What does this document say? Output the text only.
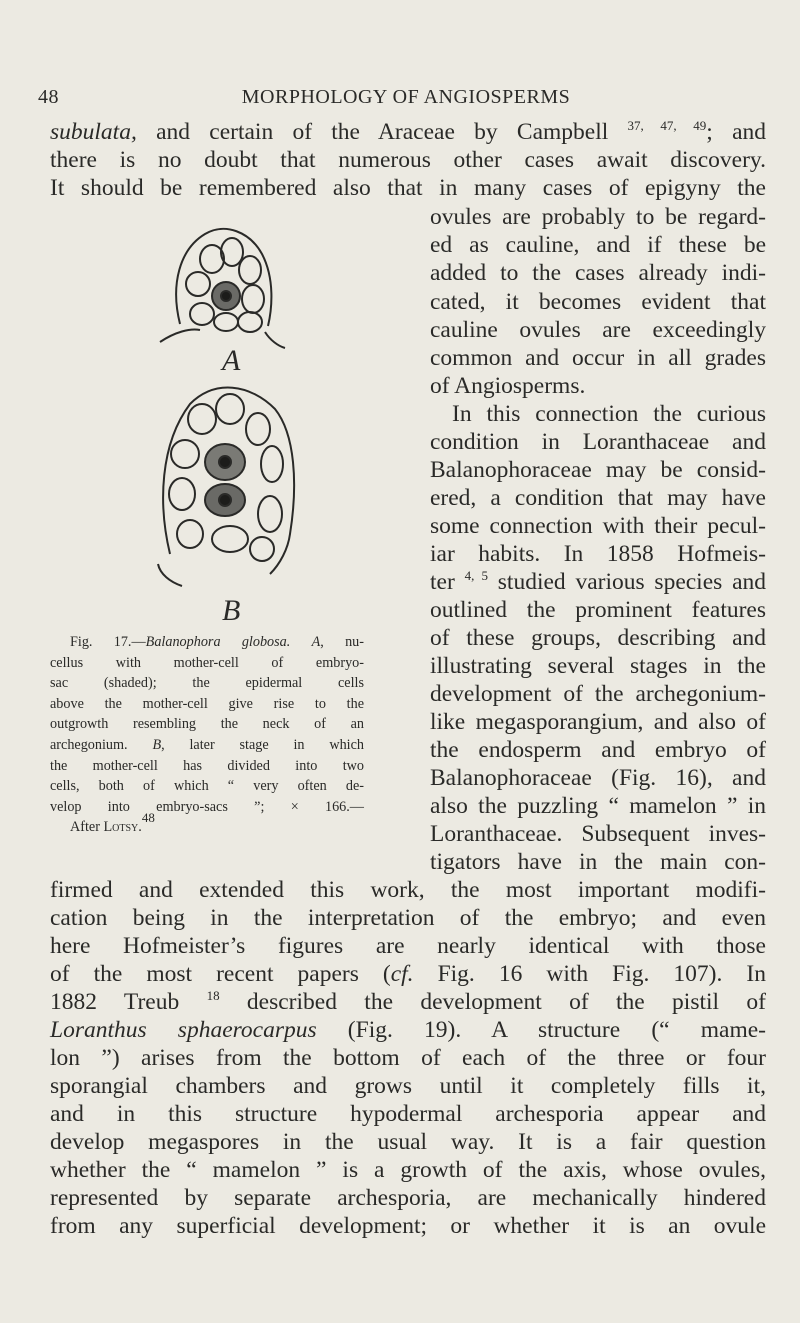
48	MORPHOLOGY OF ANGIOSPERMS
subulata, and certain of the Araceae by Campbell $^{37, 47, 49}$; and
there is no doubt that numerous other cases await discovery.
It should be remembered also that in many cases of epigyny the
ovules are probably to be regard-
ed as cauline, and if these be
added to the cases already indi-
cated, it becomes evident that
cauline ovules are exceedingly
common and occur in all grades
of Angiosperms.
In this connection the curious
condition in Loranthaceae and
Balanophoraceae may be consid-
ered, a condition that may have
some connection with their pecul-
iar habits. In 1858 Hofmeis-
ter $^{4, 5}$ studied various species and
outlined the prominent features
of these groups, describing and
illustrating several stages in the
development of the archegonium-
like megasporangium, and also of
the endosperm and embryo of
Balanophoraceae (Fig. 16), and
also the puzzling “ mamelon ” in
Loranthaceae. Subsequent inves-
tigators have in the main con-
firmed and extended this work, the most important modifi-
cation being in the interpretation of the embryo; and even
here Hofmeister’s figures are nearly identical with those
of the most recent papers (cf. Fig. 16 with Fig. 107). In
1882 Treub $^{18}$ described the development of the pistil of
Loranthus sphaerocarpus (Fig. 19). A structure (“ mame-
lon ”) arises from the bottom of each of the three or four
sporangial chambers and grows until it completely fills it,
and in this structure hypodermal archesporia appear and
develop megaspores in the usual way. It is a fair question
whether the “ mamelon ” is a growth of the axis, whose ovules,
represented by separate archesporia, are mechanically hindered
from any superficial development; or whether it is an ovule
A
B
Fig. 17.—Balanophora globosa. A, nu-
cellus with mother-cell of embryo-
sac (shaded); the epidermal cells
above the mother-cell give rise to the
outgrowth resembling the neck of an
archegonium. B, later stage in which
the mother-cell has divided into two
cells, both of which “ very often de-
velop into embryo-sacs ”; × 166.—
After Lotsy.$^{48}$
